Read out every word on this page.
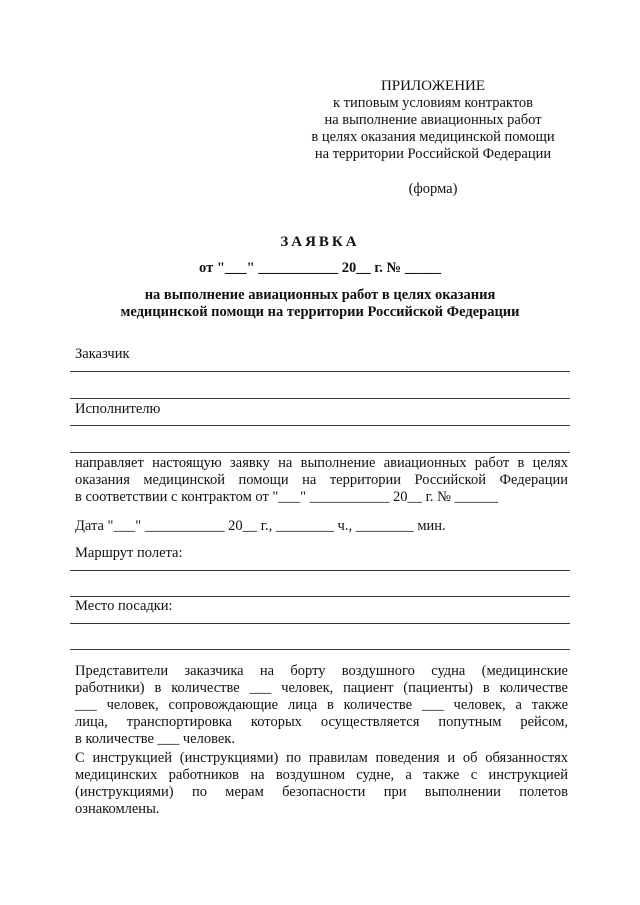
ПРИЛОЖЕНИЕ
к типовым условиям контрактов
на выполнение авиационных работ
в целях оказания медицинской помощи
на территории Российской Федерации
(форма)
ЗАЯВКА
от "___" ___________ 20__ г. № _____
на выполнение авиационных работ в целях оказания
медицинской помощи на территории Российской Федерации
Заказчик
Исполнителю
направляет настоящую заявку на выполнение авиационных работ в целях
оказания медицинской помощи на территории Российской Федерации
в соответствии с контрактом от "___" ___________ 20__ г. № ______
Дата "___" ___________ 20__ г., ________ ч., ________ мин.
Маршрут полета:
Место посадки:
Представители заказчика на борту воздушного судна (медицинские
работники) в количестве ___ человек, пациент (пациенты) в количестве
___ человек, сопровождающие лица в количестве ___ человек, а также
лица, транспортировка которых осуществляется попутным рейсом,
в количестве ___ человек.
С инструкцией (инструкциями) по правилам поведения и об обязанностях
медицинских работников на воздушном судне, а также с инструкцией
(инструкциями) по мерам безопасности при выполнении полетов
ознакомлены.
